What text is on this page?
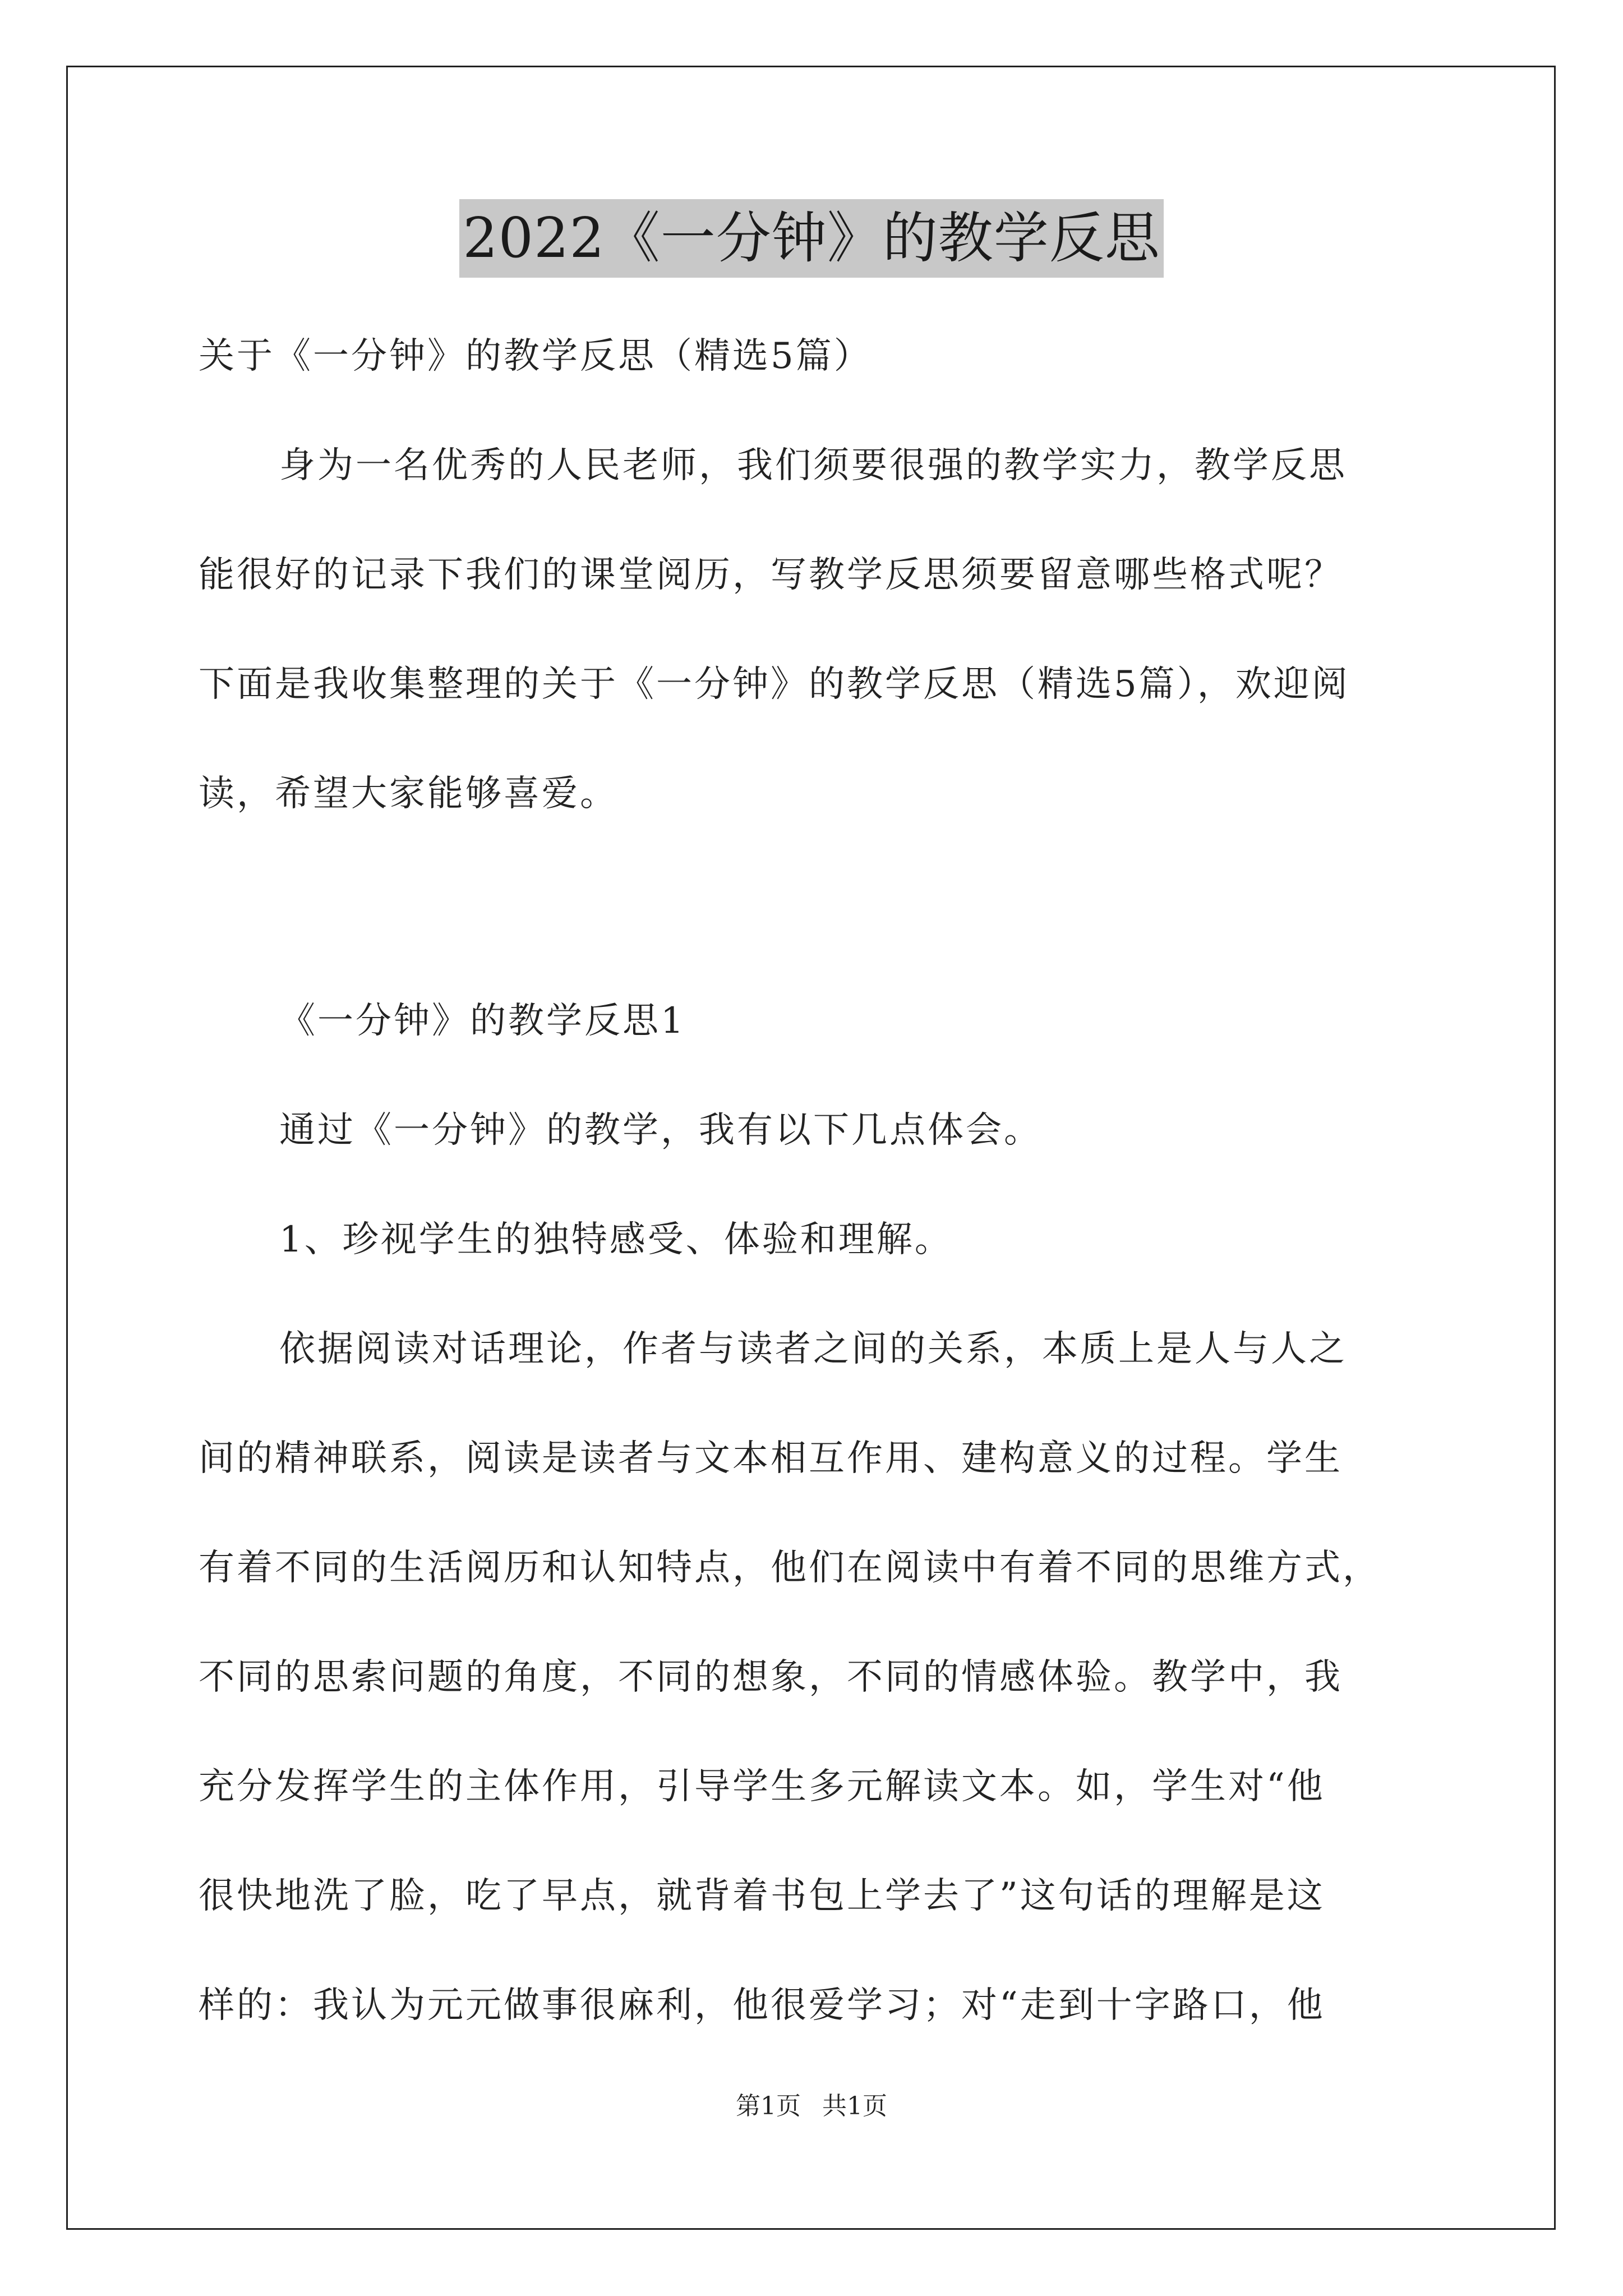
2022《一分钟》的教学反思
关于《一分钟》的教学反思（精选5篇）
身为一名优秀的人民老师，我们须要很强的教学实力，教学反思
能很好的记录下我们的课堂阅历，写教学反思须要留意哪些格式呢？
下面是我收集整理的关于《一分钟》的教学反思（精选5篇），欢迎阅
读，希望大家能够喜爱。
《一分钟》的教学反思1
通过《一分钟》的教学，我有以下几点体会。
1、珍视学生的独特感受、体验和理解。
依据阅读对话理论，作者与读者之间的关系，本质上是人与人之
间的精神联系，阅读是读者与文本相互作用、建构意义的过程。学生
有着不同的生活阅历和认知特点，他们在阅读中有着不同的思维方式，
不同的思索问题的角度，不同的想象，不同的情感体验。教学中，我
充分发挥学生的主体作用，引导学生多元解读文本。如，学生对“他
很快地洗了脸，吃了早点，就背着书包上学去了”这句话的理解是这
样的：我认为元元做事很麻利，他很爱学习；对“走到十字路口，他
第1页 共1页
